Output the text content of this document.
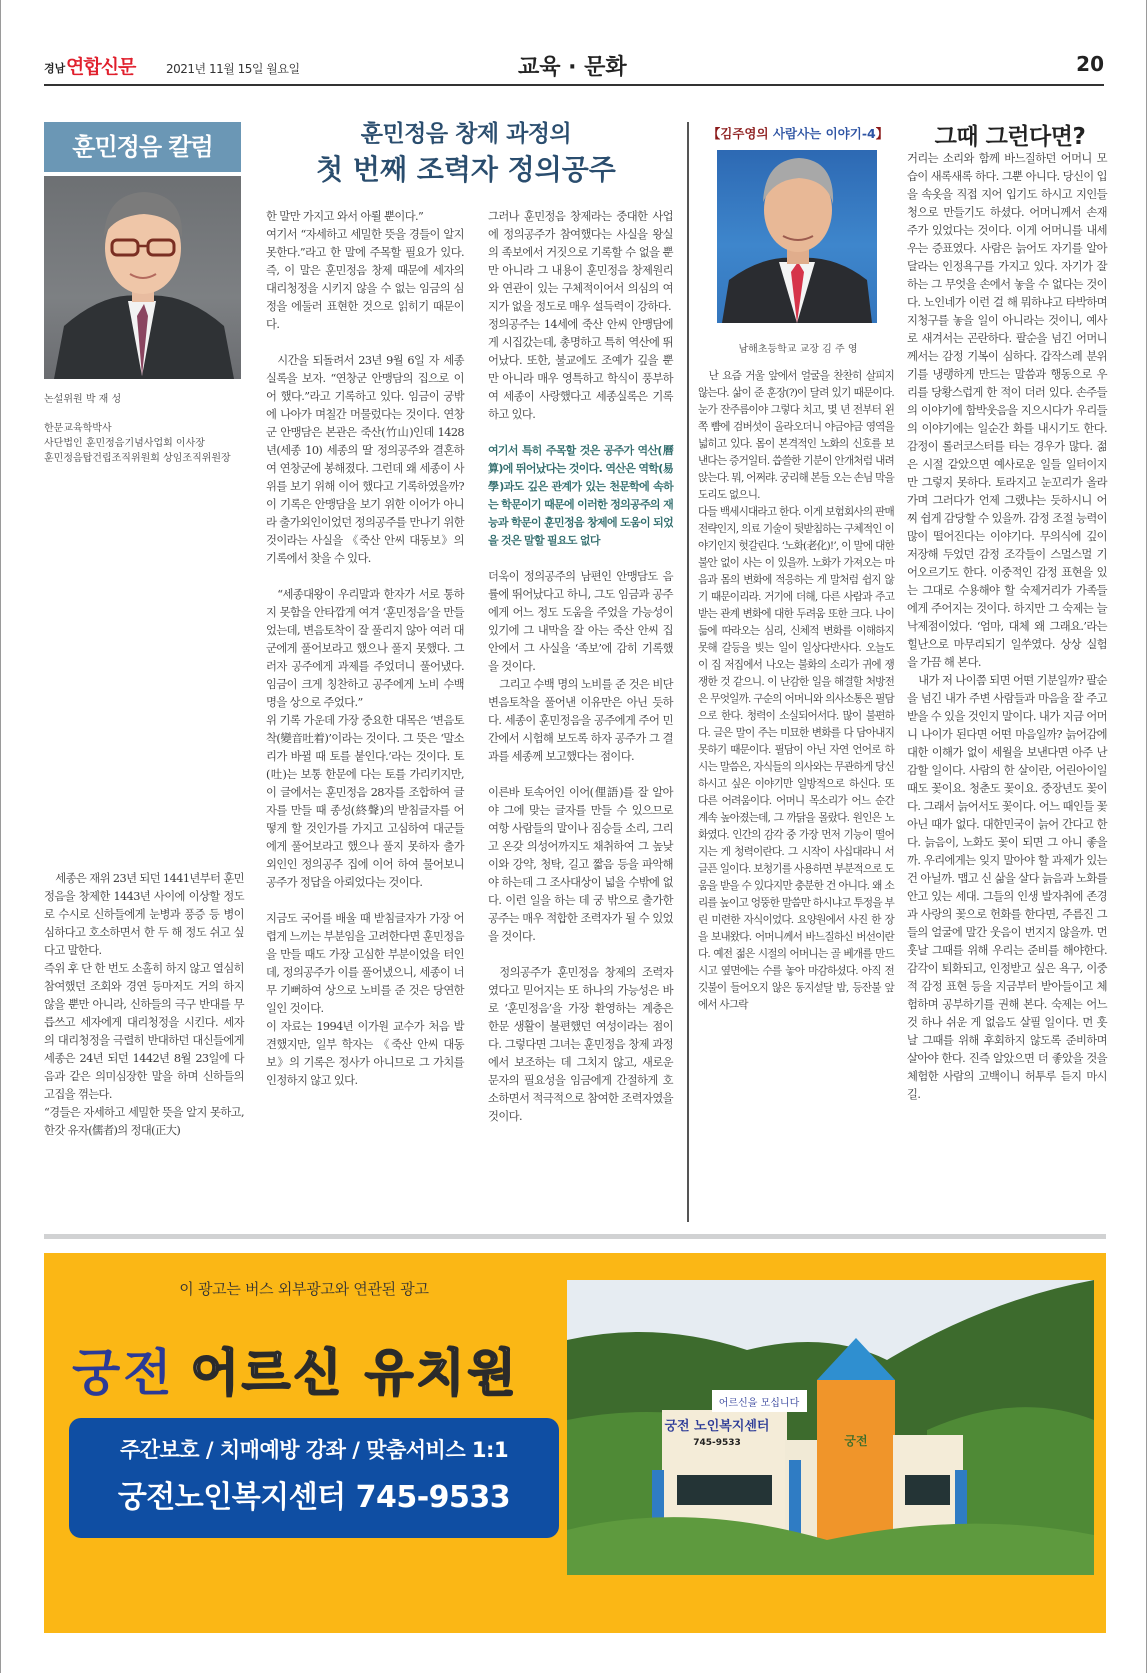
경남 연합신문	2021년 11월 15일 월요일	교육 · 문화	20
훈민정음 칼럼
논설위원 박 재 성
한문교육학박사
사단법인 훈민정음기념사업회 이사장
훈민정음탑건립조직위원회 상임조직위원장
훈민정음 창제 과정의
첫 번째 조력자 정의공주

세종은 재위 23년 되던 1441년부터 훈민정음을 창제한 1443년 사이에 이상할 정도로 수시로 신하들에게 눈병과 풍증 등 병이 심하다고 호소하면서 한 두 해 정도 쉬고 싶다고 말한다.

즉위 후 단 한 번도 소홀히 하지 않고 열심히 참여했던 조회와 경연 등마저도 거의 하지 않을 뿐만 아니라, 신하들의 극구 반대를 무릅쓰고 세자에게 대리청정을 시킨다. 세자의 대리청정을 극렬히 반대하던 대신들에게 세종은 24년 되던 1442년 8월 23일에 다음과 같은 의미심장한 말을 하며 신하들의 고집을 꺾는다.

“경들은 자세하고 세밀한 뜻을 알지 못하고, 한갓 유자(儒者)의 정대(正大)

한 말만 가지고 와서 아뢸 뿐이다.”

여기서 “자세하고 세밀한 뜻을 경들이 알지 못한다.”라고 한 말에 주목할 필요가 있다. 즉, 이 말은 훈민정음 창제 때문에 세자의 대리청정을 시키지 않을 수 없는 임금의 심정을 에둘러 표현한 것으로 읽히기 때문이다.

시간을 되돌려서 23년 9월 6일 자 세종실록을 보자. “연창군 안맹담의 집으로 이어 했다.”라고 기록하고 있다. 임금이 궁밖에 나아가 며칠간 머물렀다는 것이다. 연창군 안맹담은 본관은 죽산(竹山)인데 1428년(세종 10) 세종의 딸 정의공주와 결혼하여 연창군에 봉해졌다. 그런데 왜 세종이 사위를 보기 위해 이어 했다고 기록하였을까? 이 기록은 안맹담을 보기 위한 이어가 아니라 출가외인이었던 정의공주를 만나기 위한 것이라는 사실을 《죽산 안씨 대동보》의 기록에서 찾을 수 있다.

“세종대왕이 우리말과 한자가 서로 통하지 못함을 안타깝게 여겨 ‘훈민정음’을 만들었는데, 변음토착이 잘 풀리지 않아 여러 대군에게 풀어보라고 했으나 풀지 못했다. 그러자 공주에게 과제를 주었더니 풀어냈다. 임금이 크게 칭찬하고 공주에게 노비 수백 명을 상으로 주었다.”

위 기록 가운데 가장 중요한 대목은 ‘변음토착(變音吐着)’이라는 것이다. 그 뜻은 ‘말소리가 바뀔 때 토를 붙인다.’라는 것이다. 토(吐)는 보통 한문에 다는 토를 가리키지만, 이 글에서는 훈민정음 28자를 조합하여 글자를 만들 때 종성(終聲)의 받침글자를 어떻게 할 것인가를 가지고 고심하여 대군들에게 풀어보라고 했으나 풀지 못하자 출가외인인 정의공주 집에 이어 하여 물어보니 공주가 정답을 아뢰었다는 것이다.

지금도 국어를 배울 때 받침글자가 가장 어렵게 느끼는 부분임을 고려한다면 훈민정음을 만들 때도 가장 고심한 부분이었을 터인데, 정의공주가 이를 풀어냈으니, 세종이 너무 기뻐하여 상으로 노비를 준 것은 당연한 일인 것이다.

이 자료는 1994년 이가원 교수가 처음 발견했지만, 일부 학자는 《죽산 안씨 대동보》의 기록은 정사가 아니므로 그 가치를 인정하지 않고 있다.

그러나 훈민정음 창제라는 중대한 사업에 정의공주가 참여했다는 사실을 왕실의 족보에서 거짓으로 기록할 수 없을 뿐만 아니라 그 내용이 훈민정음 창제원리와 연관이 있는 구체적이어서 의심의 여지가 없을 정도로 매우 설득력이 강하다.

정의공주는 14세에 죽산 안씨 안맹담에게 시집갔는데, 총명하고 특히 역산에 뛰어났다. 또한, 불교에도 조예가 깊을 뿐만 아니라 매우 영특하고 학식이 풍부하여 세종이 사랑했다고 세종실록은 기록하고 있다.

여기서 특히 주목할 것은 공주가 역산(曆算)에 뛰어났다는 것이다. 역산은 역학(易學)과도 깊은 관계가 있는 천문학에 속하는 학문이기 때문에 이러한 정의공주의 재능과 학문이 훈민정음 창제에 도움이 되었을 것은 말할 필요도 없다

더욱이 정의공주의 남편인 안맹담도 음률에 뛰어났다고 하니, 그도 임금과 공주에게 어느 정도 도움을 주었을 가능성이 있기에 그 내막을 잘 아는 죽산 안씨 집안에서 그 사실을 ‘족보’에 감히 기록했을 것이다.

그리고 수백 명의 노비를 준 것은 비단 변음토착을 풀어낸 이유만은 아닌 듯하다. 세종이 훈민정음을 공주에게 주어 민간에서 시험해 보도록 하자 공주가 그 결과를 세종께 보고했다는 점이다.

이른바 토속어인 이어(俚語)를 잘 알아야 그에 맞는 글자를 만들 수 있으므로 여항 사람들의 말이나 짐승들 소리, 그리고 온갖 의성어까지도 채취하여 그 높낮이와 강약, 청탁, 길고 짧음 등을 파악해야 하는데 그 조사대상이 넓을 수밖에 없다. 이런 일을 하는 데 궁 밖으로 출가한 공주는 매우 적합한 조력자가 될 수 있었을 것이다.

정의공주가 훈민정음 창제의 조력자였다고 믿어지는 또 하나의 가능성은 바로 ‘훈민정음’을 가장 환영하는 계층은 한문 생활이 불편했던 여성이라는 점이다. 그렇다면 그녀는 훈민정음 창제 과정에서 보조하는 데 그치지 않고, 새로운 문자의 필요성을 임금에게 간절하게 호소하면서 적극적으로 참여한 조력자였을 것이다.

【김주영의 사람사는 이야기-4】
남해초등학교 교장 김 주 영
그때 그런다면?

난 요즘 거울 앞에서 얼굴을 찬찬히 살피지 않는다. 삶이 준 훈장(?)이 달려 있기 때문이다. 눈가 잔주름이야 그렇다 치고, 몇 년 전부터 왼쪽 뺨에 검버섯이 올라오더니 야금야금 영역을 넓히고 있다. 몸이 본격적인 노화의 신호를 보낸다는 증거일터. 씁쓸한 기분이 안개처럼 내려앉는다. 뭐, 어쩌랴. 궁리해 본들 오는 손님 막을 도리도 없으니.

다들 백세시대라고 한다. 이게 보험회사의 판매 전략인지, 의료 기술이 뒷받침하는 구체적인 이야기인지 헛갈린다. ‘노화(老化)!’, 이 말에 대한 불안 없이 사는 이 있을까. 노화가 가져오는 마음과 몸의 변화에 적응하는 게 말처럼 쉽지 않기 때문이리라. 거기에 더해, 다른 사람과 주고받는 관계 변화에 대한 두려움 또한 크다. 나이 듦에 따라오는 심리, 신체적 변화를 이해하지 못해 갈등을 빚는 일이 일상다반사다. 오늘도 이 집 저집에서 나오는 불화의 소리가 귀에 쟁쟁한 것 같으니. 이 난감한 일을 해결할 처방전은 무엇일까. 구순의 어머니와 의사소통은 필담으로 한다. 청력이 소실되어서다. 많이 불편하다. 글은 말이 주는 미묘한 변화를 다 담아내지 못하기 때문이다. 필담이 아닌 자연 언어로 하시는 말씀은, 자식들의 의사와는 무관하게 당신 하시고 싶은 이야기만 일방적으로 하신다. 또 다른 어려움이다. 어머니 목소리가 어느 순간 계속 높아졌는데, 그 까닭을 몰랐다. 원인은 노화였다. 인간의 감각 중 가장 먼저 기능이 떨어지는 게 청력이란다. 그 시작이 사십대라니 서글픈 일이다. 보청기를 사용하면 부분적으로 도움을 받을 수 있다지만 충분한 건 아니다. 왜 소리를 높이고 엉뚱한 말씀만 하시냐고 투정을 부린 미련한 자식이었다. 요양원에서 사진 한 장을 보내왔다. 어머니께서 바느질하신 버선이란다. 예전 젊은 시절의 어머니는 골 베개를 만드시고 옆면에는 수를 놓아 마감하셨다. 아직 전깃불이 들어오지 않은 동지섣달 밤, 등잔불 앞에서 사그락

거리는 소리와 함께 바느질하던 어머니 모습이 새록새록 하다. 그뿐 아니다. 당신이 입을 속옷을 직접 지어 입기도 하시고 지인들 청으로 만들기도 하셨다. 어머니께서 손재주가 있었다는 것이다. 이게 어머니를 내세우는 증표였다. 사람은 늙어도 자기를 알아 달라는 인정욕구를 가지고 있다. 자기가 잘하는 그 무엇을 손에서 놓을 수 없다는 것이다. 노인네가 이런 걸 해 뭐하냐고 타박하며 지청구를 놓을 일이 아니라는 것이니, 예사로 새겨서는 곤란하다. 팔순을 넘긴 어머니께서는 감정 기복이 심하다. 갑작스레 분위기를 냉랭하게 만드는 말씀과 행동으로 우리를 당황스럽게 한 적이 더러 있다. 손주들의 이야기에 함박웃음을 지으시다가 우리들의 이야기에는 일순간 화를 내시기도 한다. 감정이 롤러코스터를 타는 경우가 많다. 젊은 시절 같았으면 예사로운 일들 일터이지만 그렇지 못하다. 토라지고 눈꼬리가 올라가며 그러다가 언제 그랬냐는 듯하시니 어찌 쉽게 감당할 수 있을까. 감정 조절 능력이 많이 떨어진다는 이야기다. 무의식에 깊이 저장해 두었던 감정 조각들이 스멀스멀 기어오르기도 한다. 이중적인 감정 표현을 있는 그대로 수용해야 할 숙제거리가 가족들에게 주어지는 것이다. 하지만 그 숙제는 늘 낙제점이었다. ‘엄마, 대체 왜 그래요.’라는 힐난으로 마무리되기 일쑤였다. 상상 실험을 가끔 해 본다.

내가 저 나이쯤 되면 어떤 기분일까? 팔순을 넘긴 내가 주변 사람들과 마음을 잘 주고받을 수 있을 것인지 말이다. 내가 지금 어머니 나이가 된다면 어떤 마음일까? 늙어감에 대한 이해가 없이 세월을 보낸다면 아주 난감할 일이다. 사람의 한 살이란, 어린아이일 때도 꽃이요. 청춘도 꽃이요. 중장년도 꽃이다. 그래서 늙어서도 꽃이다. 어느 때인들 꽃 아닌 때가 없다. 대한민국이 늙어 간다고 한다. 늙음이, 노화도 꽃이 되면 그 아니 좋을까. 우리에게는 잊지 말아야 할 과제가 있는 건 아닐까. 맵고 신 삶을 살다 늙음과 노화를 안고 있는 세대. 그들의 인생 발자취에 존경과 사랑의 꽃으로 헌화를 한다면, 주름진 그들의 얼굴에 말간 웃음이 번지지 않을까. 먼 훗날 그때를 위해 우리는 준비를 해야한다. 감각이 퇴화되고, 인정받고 싶은 욕구, 이중적 감정 표현 등을 지금부터 받아들이고 체험하며 공부하기를 권해 본다. 숙제는 어느 것 하나 쉬운 게 없음도 살필 일이다. 먼 훗날 그때를 위해 후회하지 않도록 준비하며 살아야 한다. 진즉 알았으면 더 좋았을 것을 체험한 사람의 고백이니 허투루 듣지 마시길.

이 광고는 버스 외부광고와 연관된 광고
궁전 어르신 유치원
주간보호 / 치매예방 강좌 / 맞춤서비스 1:1
궁전노인복지센터 745-9533
어르신을 모십니다
궁전 노인복지센터
745-9533	궁전
